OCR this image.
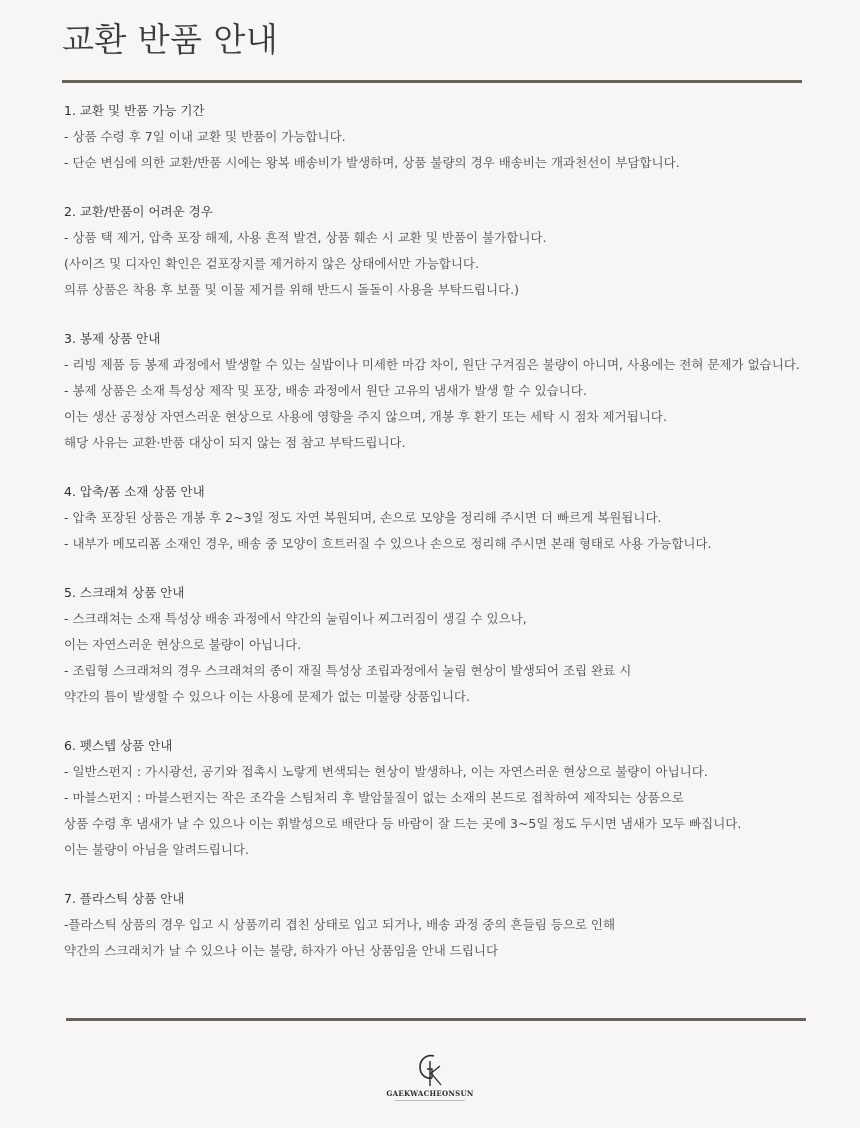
교환 반품 안내

1. 교환 및 반품 가능 기간

- 상품 수령 후 7일 이내 교환 및 반품이 가능합니다.

- 단순 변심에 의한 교환/반품 시에는 왕복 배송비가 발생하며, 상품 불량의 경우 배송비는 개과천선이 부담합니다.

2. 교환/반품이 어려운 경우

- 상품 택 제거, 압축 포장 해제, 사용 흔적 발견, 상품 훼손 시 교환 및 반품이 불가합니다.

(사이즈 및 디자인 확인은 겉포장지를 제거하지 않은 상태에서만 가능합니다.

의류 상품은 착용 후 보풀 및 이물 제거를 위해 반드시 돌돌이 사용을 부탁드립니다.)

3. 봉제 상품 안내

- 리빙 제품 등 봉제 과정에서 발생할 수 있는 실밥이나 미세한 마감 차이, 원단 구겨짐은 불량이 아니며, 사용에는 전혀 문제가 없습니다.

- 봉제 상품은 소재 특성상 제작 및 포장, 배송 과정에서 원단 고유의 냄새가 발생 할 수 있습니다.

이는 생산 공정상 자연스러운 현상으로 사용에 영향을 주지 않으며, 개봉 후 환기 또는 세탁 시 점차 제거됩니다.

해당 사유는 교환·반품 대상이 되지 않는 점 참고 부탁드립니다.

4. 압축/폼 소재 상품 안내

- 압축 포장된 상품은 개봉 후 2~3일 정도 자연 복원되며, 손으로 모양을 정리해 주시면 더 빠르게 복원됩니다.

- 내부가 메모리폼 소재인 경우, 배송 중 모양이 흐트러질 수 있으나 손으로 정리해 주시면 본래 형태로 사용 가능합니다.

5. 스크래쳐 상품 안내

- 스크래쳐는 소재 특성상 배송 과정에서 약간의 눌림이나 찌그러짐이 생길 수 있으나,

이는 자연스러운 현상으로 불량이 아닙니다.

- 조립형 스크래쳐의 경우 스크래쳐의 종이 재질 특성상 조립과정에서 눌림 현상이 발생되어 조립 완료 시

약간의 틈이 발생할 수 있으나 이는 사용에 문제가 없는 미불량 상품입니다.

6. 펫스텝 상품 안내

- 일반스펀지 : 가시광선, 공기와 접촉시 노랗게 변색되는 현상이 발생하나, 이는 자연스러운 현상으로 불량이 아닙니다.

- 마블스펀지 : 마블스펀지는 작은 조각을 스팀처리 후 발암물질이 없는 소재의 본드로 접착하여 제작되는 상품으로

상품 수령 후 냄새가 날 수 있으나 이는 휘발성으로 배란다 등 바람이 잘 드는 곳에 3~5일 정도 두시면 냄새가 모두 빠집니다.

이는 불량이 아님을 알려드립니다.

7. 플라스틱 상품 안내

-플라스틱 상품의 경우 입고 시 상품끼리 겹친 상태로 입고 되거나, 배송 과정 중의 흔들림 등으로 인해

약간의 스크래치가 날 수 있으나 이는 불량, 하자가 아닌 상품임을 안내 드립니다

GAEKWACHEONSUN
